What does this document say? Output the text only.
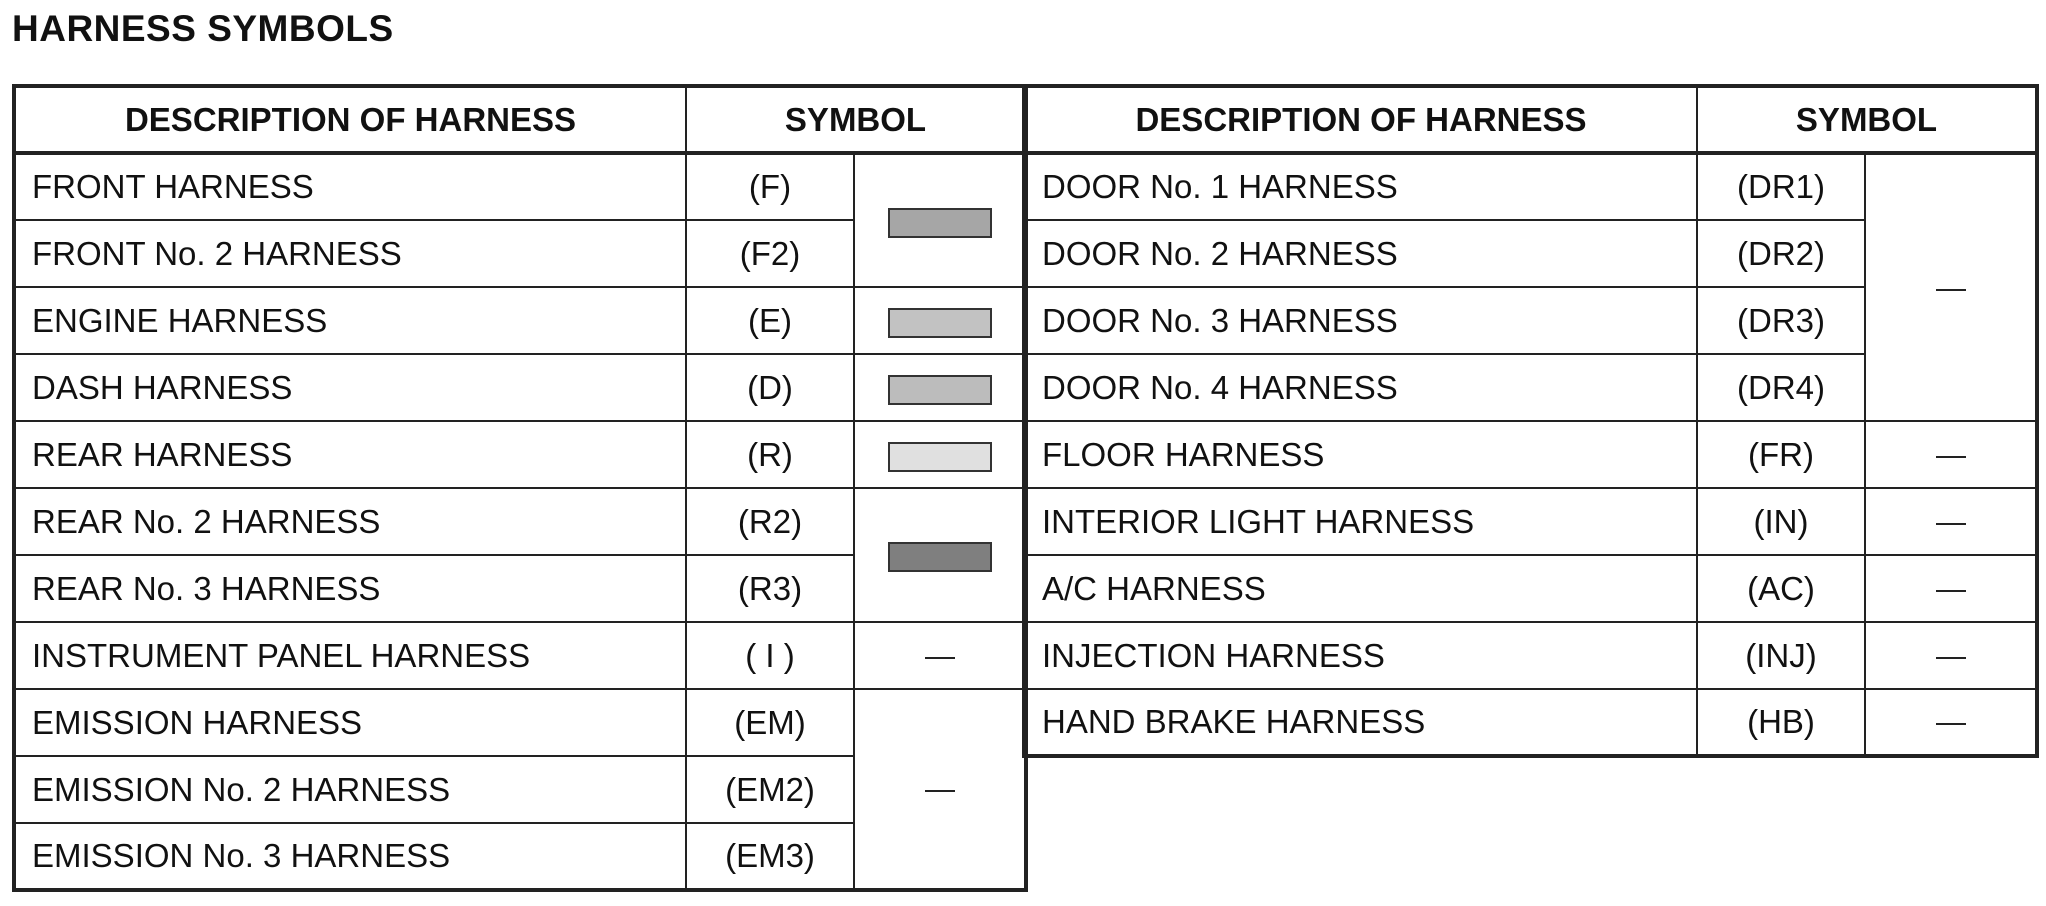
HARNESS SYMBOLS
DESCRIPTION OF HARNESS	SYMBOL	
FRONT HARNESS	(F)	
FRONT No. 2 HARNESS	(F2)	
ENGINE HARNESS	(E)	
DASH HARNESS	(D)	
REAR HARNESS	(R)	
REAR No. 2 HARNESS	(R2)	
REAR No. 3 HARNESS	(R3)	
INSTRUMENT PANEL HARNESS	( I )	
EMISSION HARNESS	(EM)	
EMISSION No. 2 HARNESS	(EM2)	
EMISSION No. 3 HARNESS	(EM3)	
DESCRIPTION OF HARNESS	SYMBOL	
DOOR No. 1 HARNESS	(DR1)	
DOOR No. 2 HARNESS	(DR2)	
DOOR No. 3 HARNESS	(DR3)	
DOOR No. 4 HARNESS	(DR4)	
FLOOR HARNESS	(FR)	
INTERIOR LIGHT HARNESS	(IN)	
A/C HARNESS	(AC)	
INJECTION HARNESS	(INJ)	
HAND BRAKE HARNESS	(HB)	
